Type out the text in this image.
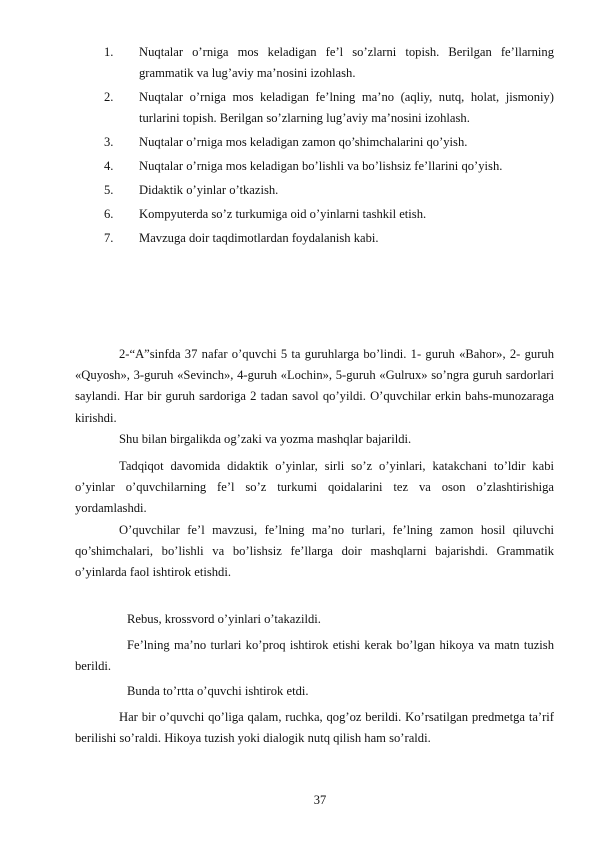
1. Nuqtalar o’rniga mos keladigan fe’l so’zlarni topish. Berilgan fe’llarning grammatik va lug’aviy ma’nosini izohlash.
2. Nuqtalar o’rniga mos keladigan fe’lning ma’no (aqliy, nutq, holat, jismoniy) turlarini topish. Berilgan so’zlarning lug’aviy ma’nosini izohlash.
3. Nuqtalar o’rniga mos keladigan zamon qo’shimchalarini qo’yish.
4. Nuqtalar o’rniga mos keladigan bo’lishli va bo’lishsiz fe’llarini qo’yish.
5. Didaktik o’yinlar o’tkazish.
6. Kompyuterda so’z turkumiga oid o’yinlarni tashkil etish.
7. Mavzuga doir taqdimotlardan foydalanish kabi.

2-“A”sinfda 37 nafar o’quvchi 5 ta guruhlarga bo’lindi. 1- guruh «Bahor», 2- guruh «Quyosh», 3-guruh «Sevinch», 4-guruh «Lochin», 5-guruh «Gulrux» so’ngra guruh sardorlari saylandi. Har bir guruh sardoriga 2 tadan savol qo’yildi. O’quvchilar erkin bahs-munozaraga kirishdi.

Shu bilan birgalikda og’zaki va yozma mashqlar bajarildi.

Tadqiqot davomida didaktik o’yinlar, sirli so’z o’yinlari, katakchani to’ldir kabi o’yinlar o’quvchilarning fe’l so’z turkumi qoidalarini tez va oson o’zlashtirishiga yordamlashdi.

O’quvchilar fe’l mavzusi, fe’lning ma’no turlari, fe’lning zamon hosil qiluvchi qo’shimchalari, bo’lishli va bo’lishsiz fe’llarga doir mashqlarni bajarishdi. Grammatik o’yinlarda faol ishtirok etishdi.

Rebus, krossvord o’yinlari o’takazildi.

Fe’lning ma’no turlari ko’proq ishtirok etishi kerak bo’lgan hikoya va matn tuzish berildi.

Bunda to’rtta o’quvchi ishtirok etdi.

Har bir o’quvchi qo’liga qalam, ruchka, qog’oz berildi. Ko’rsatilgan predmetga ta’rif berilishi so’raldi. Hikoya tuzish yoki dialogik nutq qilish ham so’raldi.

37
